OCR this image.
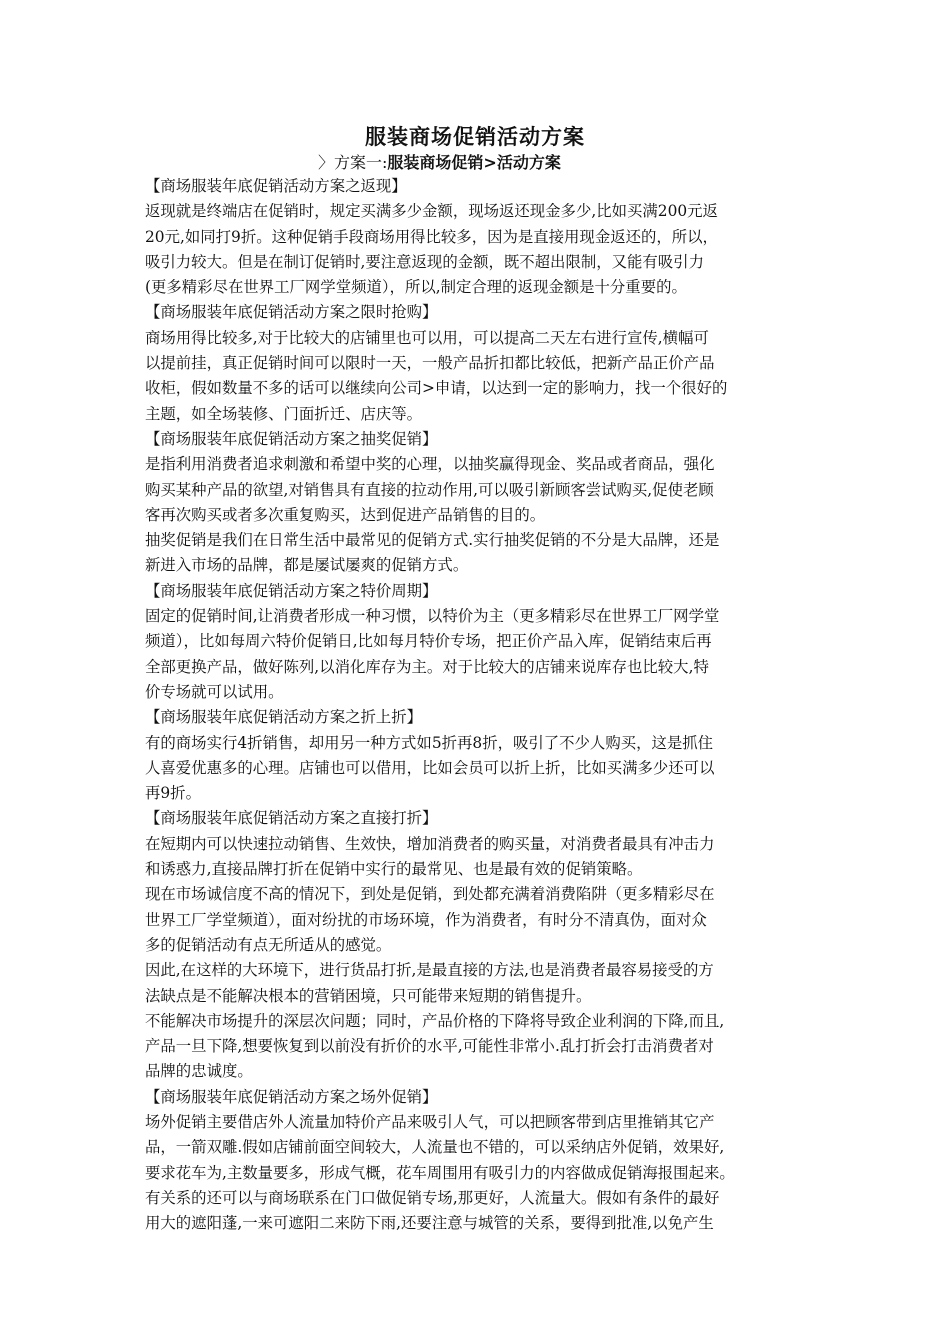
服装商场促销活动方案
〉方案一:服装商场促销>活动方案

【商场服装年底促销活动方案之返现】

返现就是终端店在促销时，规定买满多少金额，现场返还现金多少,比如买满200元返

20元,如同打9折。这种促销手段商场用得比较多，因为是直接用现金返还的，所以，

吸引力较大。但是在制订促销时,要注意返现的金额，既不超出限制，又能有吸引力

(更多精彩尽在世界工厂网学堂频道），所以,制定合理的返现金额是十分重要的。

【商场服装年底促销活动方案之限时抢购】

商场用得比较多,对于比较大的店铺里也可以用，可以提高二天左右进行宣传,横幅可

以提前挂，真正促销时间可以限时一天，一般产品折扣都比较低，把新产品正价产品

收柜，假如数量不多的话可以继续向公司>申请，以达到一定的影响力，找一个很好的

主题，如全场装修、门面折迁、店庆等。

【商场服装年底促销活动方案之抽奖促销】

是指利用消费者追求刺激和希望中奖的心理，以抽奖赢得现金、奖品或者商品，强化

购买某种产品的欲望,对销售具有直接的拉动作用,可以吸引新顾客尝试购买,促使老顾

客再次购买或者多次重复购买，达到促进产品销售的目的。

抽奖促销是我们在日常生活中最常见的促销方式.实行抽奖促销的不分是大品牌，还是

新进入市场的品牌，都是屡试屡爽的促销方式。

【商场服装年底促销活动方案之特价周期】

固定的促销时间,让消费者形成一种习惯，以特价为主（更多精彩尽在世界工厂网学堂

频道），比如每周六特价促销日,比如每月特价专场，把正价产品入库，促销结束后再

全部更换产品，做好陈列,以消化库存为主。对于比较大的店铺来说库存也比较大,特

价专场就可以试用。

【商场服装年底促销活动方案之折上折】

有的商场实行4折销售，却用另一种方式如5折再8折，吸引了不少人购买，这是抓住

人喜爱优惠多的心理。店铺也可以借用，比如会员可以折上折，比如买满多少还可以

再9折。

【商场服装年底促销活动方案之直接打折】

在短期内可以快速拉动销售、生效快，增加消费者的购买量，对消费者最具有冲击力

和诱惑力,直接品牌打折在促销中实行的最常见、也是最有效的促销策略。

现在市场诚信度不高的情况下，到处是促销，到处都充满着消费陷阱（更多精彩尽在

世界工厂学堂频道），面对纷扰的市场环境，作为消费者，有时分不清真伪，面对众

多的促销活动有点无所适从的感觉。

因此,在这样的大环境下，进行货品打折,是最直接的方法,也是消费者最容易接受的方

法缺点是不能解决根本的营销困境，只可能带来短期的销售提升。

不能解决市场提升的深层次问题；同时，产品价格的下降将导致企业利润的下降,而且,

产品一旦下降,想要恢复到以前没有折价的水平,可能性非常小.乱打折会打击消费者对

品牌的忠诚度。

【商场服装年底促销活动方案之场外促销】

场外促销主要借店外人流量加特价产品来吸引人气，可以把顾客带到店里推销其它产

品，一箭双雕.假如店铺前面空间较大，人流量也不错的，可以采纳店外促销，效果好,

要求花车为,主数量要多，形成气概，花车周围用有吸引力的内容做成促销海报围起来。

有关系的还可以与商场联系在门口做促销专场,那更好，人流量大。假如有条件的最好

用大的遮阳蓬,一来可遮阳二来防下雨,还要注意与城管的关系，要得到批准,以免产生
